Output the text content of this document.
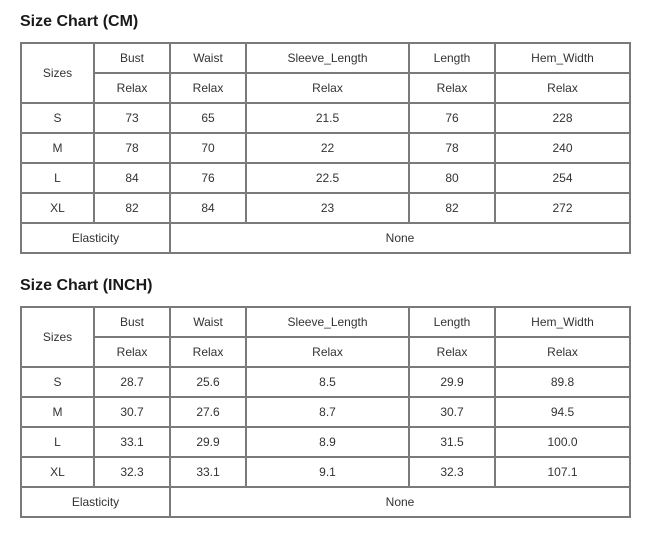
Size Chart (CM)
Sizes	Bust	Waist	Sleeve_Length	Length	Hem_Width
	Relax	Relax	Relax	Relax	Relax
S	73	65	21.5	76	228
M	78	70	22	78	240
L	84	76	22.5	80	254
XL	82	84	23	82	272
Elasticity		None			
Size Chart (INCH)
Sizes	Bust	Waist	Sleeve_Length	Length	Hem_Width
	Relax	Relax	Relax	Relax	Relax
S	28.7	25.6	8.5	29.9	89.8
M	30.7	27.6	8.7	30.7	94.5
L	33.1	29.9	8.9	31.5	100.0
XL	32.3	33.1	9.1	32.3	107.1
Elasticity		None			
